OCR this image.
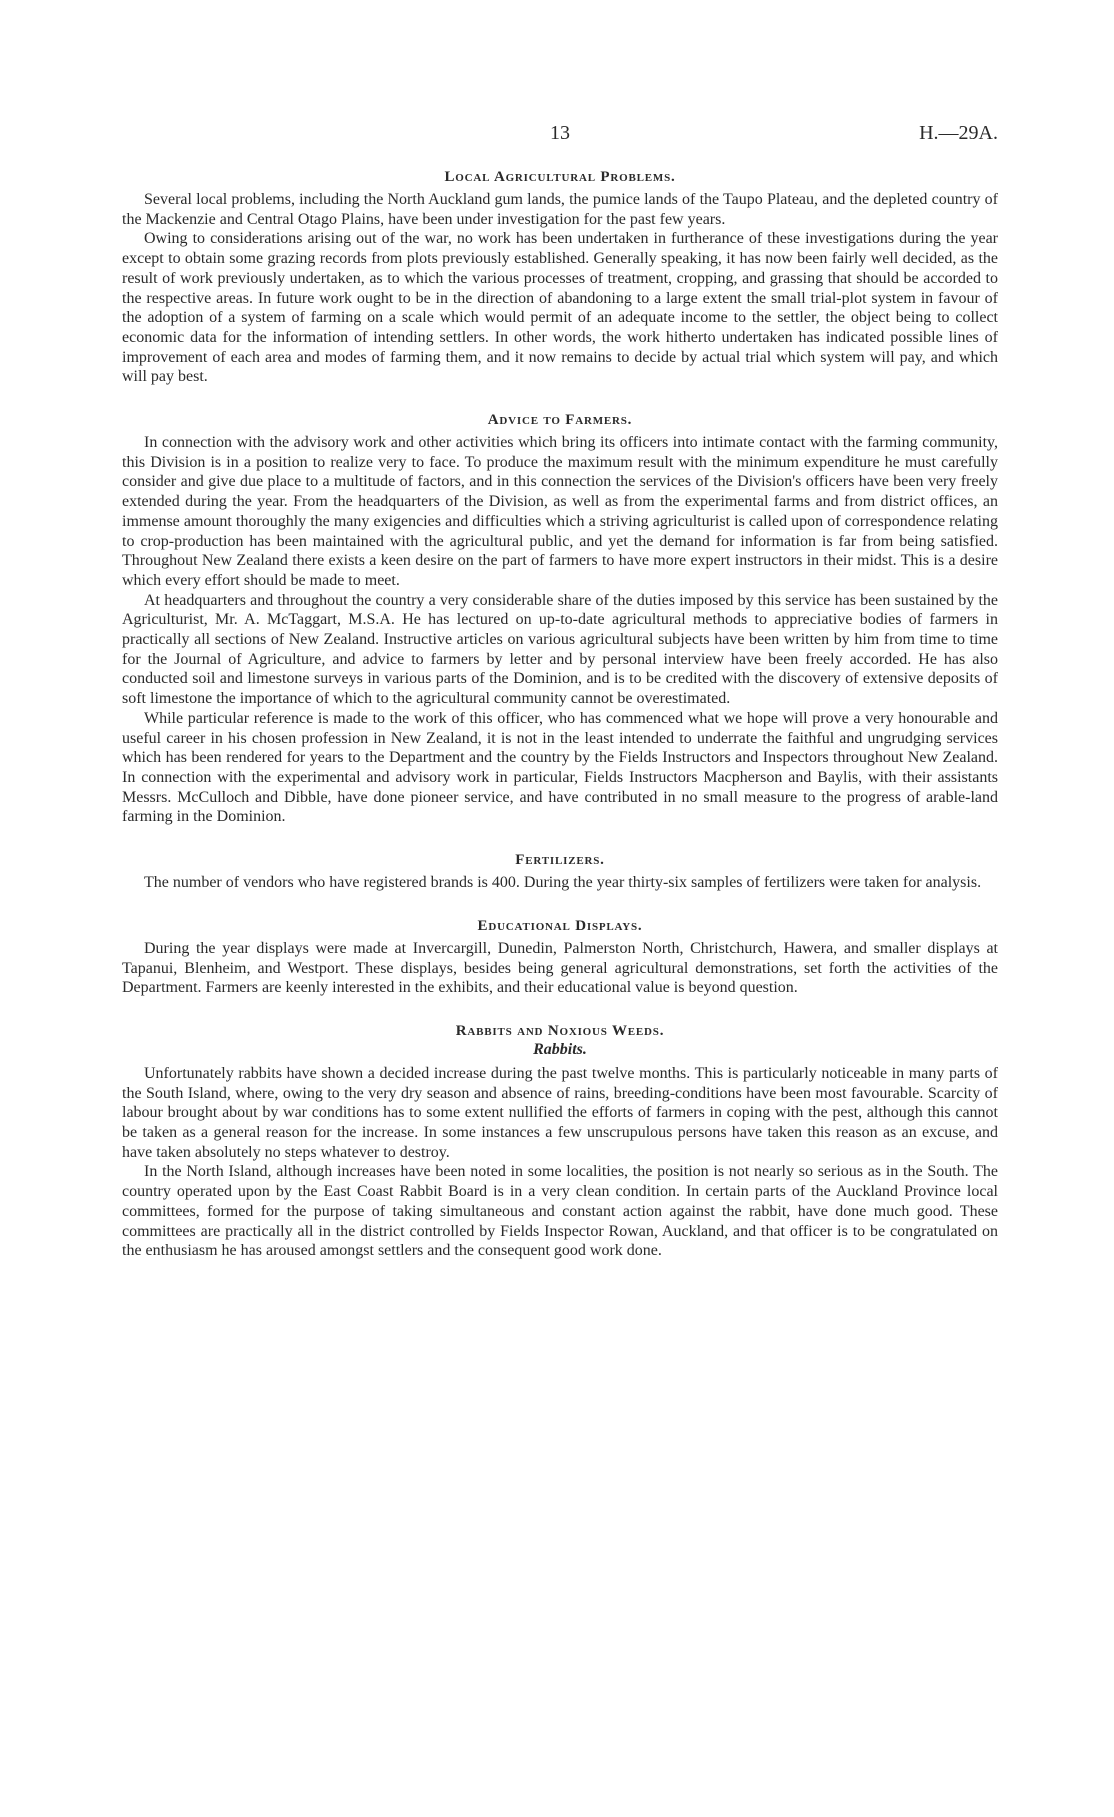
13	H.—29A.
Local Agricultural Problems.

Several local problems, including the North Auckland gum lands, the pumice lands of the Taupo Plateau, and the depleted country of the Mackenzie and Central Otago Plains, have been under investigation for the past few years.

Owing to considerations arising out of the war, no work has been undertaken in furtherance of these investigations during the year except to obtain some grazing records from plots previously established. Generally speaking, it has now been fairly well decided, as the result of work previously undertaken, as to which the various processes of treatment, cropping, and grassing that should be accorded to the respective areas. In future work ought to be in the direction of abandoning to a large extent the small trial-plot system in favour of the adoption of a system of farming on a scale which would permit of an adequate income to the settler, the object being to collect economic data for the information of intending settlers. In other words, the work hitherto undertaken has indicated possible lines of improvement of each area and modes of farming them, and it now remains to decide by actual trial which system will pay, and which will pay best.

Advice to Farmers.

In connection with the advisory work and other activities which bring its officers into intimate contact with the farming community, this Division is in a position to realize very to face. To produce the maximum result with the minimum expenditure he must carefully consider and give due place to a multitude of factors, and in this connection the services of the Division's officers have been very freely extended during the year. From the headquarters of the Division, as well as from the experimental farms and from district offices, an immense amount thoroughly the many exigencies and difficulties which a striving agriculturist is called upon of correspondence relating to crop-production has been maintained with the agricultural public, and yet the demand for information is far from being satisfied. Throughout New Zealand there exists a keen desire on the part of farmers to have more expert instructors in their midst. This is a desire which every effort should be made to meet.

At headquarters and throughout the country a very considerable share of the duties imposed by this service has been sustained by the Agriculturist, Mr. A. McTaggart, M.S.A. He has lectured on up-to-date agricultural methods to appreciative bodies of farmers in practically all sections of New Zealand. Instructive articles on various agricultural subjects have been written by him from time to time for the Journal of Agriculture, and advice to farmers by letter and by personal interview have been freely accorded. He has also conducted soil and limestone surveys in various parts of the Dominion, and is to be credited with the discovery of extensive deposits of soft limestone the importance of which to the agricultural community cannot be overestimated.

While particular reference is made to the work of this officer, who has commenced what we hope will prove a very honourable and useful career in his chosen profession in New Zealand, it is not in the least intended to underrate the faithful and ungrudging services which has been rendered for years to the Department and the country by the Fields Instructors and Inspectors throughout New Zealand. In connection with the experimental and advisory work in particular, Fields Instructors Macpherson and Baylis, with their assistants Messrs. McCulloch and Dibble, have done pioneer service, and have contributed in no small measure to the progress of arable-land farming in the Dominion.

Fertilizers.

The number of vendors who have registered brands is 400. During the year thirty-six samples of fertilizers were taken for analysis.

Educational Displays.

During the year displays were made at Invercargill, Dunedin, Palmerston North, Christchurch, Hawera, and smaller displays at Tapanui, Blenheim, and Westport. These displays, besides being general agricultural demonstrations, set forth the activities of the Department. Farmers are keenly interested in the exhibits, and their educational value is beyond question.

Rabbits and Noxious Weeds.
Rabbits.

Unfortunately rabbits have shown a decided increase during the past twelve months. This is particularly noticeable in many parts of the South Island, where, owing to the very dry season and absence of rains, breeding-conditions have been most favourable. Scarcity of labour brought about by war conditions has to some extent nullified the efforts of farmers in coping with the pest, although this cannot be taken as a general reason for the increase. In some instances a few unscrupulous persons have taken this reason as an excuse, and have taken absolutely no steps whatever to destroy.

In the North Island, although increases have been noted in some localities, the position is not nearly so serious as in the South. The country operated upon by the East Coast Rabbit Board is in a very clean condition. In certain parts of the Auckland Province local committees, formed for the purpose of taking simultaneous and constant action against the rabbit, have done much good. These committees are practically all in the district controlled by Fields Inspector Rowan, Auckland, and that officer is to be congratulated on the enthusiasm he has aroused amongst settlers and the consequent good work done.
